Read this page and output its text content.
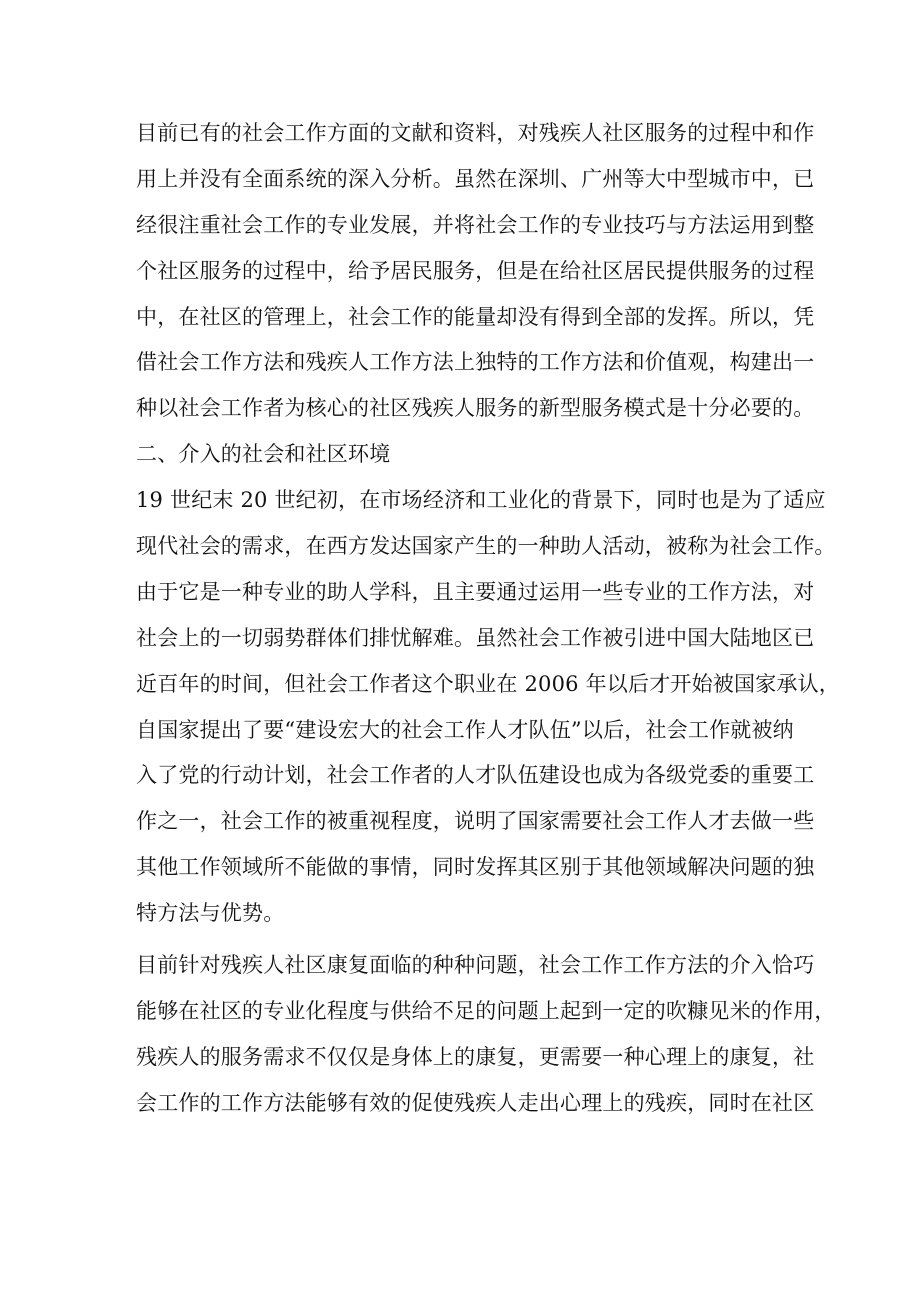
目前已有的社会工作方面的文献和资料，对残疾人社区服务的过程中和作
用上并没有全面系统的深入分析。虽然在深圳、广州等大中型城市中，已
经很注重社会工作的专业发展，并将社会工作的专业技巧与方法运用到整
个社区服务的过程中，给予居民服务，但是在给社区居民提供服务的过程
中，在社区的管理上，社会工作的能量却没有得到全部的发挥。所以，凭
借社会工作方法和残疾人工作方法上独特的工作方法和价值观，构建出一
种以社会工作者为核心的社区残疾人服务的新型服务模式是十分必要的。
二、介入的社会和社区环境
19 世纪末 20 世纪初，在市场经济和工业化的背景下，同时也是为了适应
现代社会的需求，在西方发达国家产生的一种助人活动，被称为社会工作。
由于它是一种专业的助人学科，且主要通过运用一些专业的工作方法，对
社会上的一切弱势群体们排忧解难。虽然社会工作被引进中国大陆地区已
近百年的时间，但社会工作者这个职业在 2006 年以后才开始被国家承认，
自国家提出了要“建设宏大的社会工作人才队伍”以后，社会工作就被纳
入了党的行动计划，社会工作者的人才队伍建设也成为各级党委的重要工
作之一，社会工作的被重视程度，说明了国家需要社会工作人才去做一些
其他工作领域所不能做的事情，同时发挥其区别于其他领域解决问题的独
特方法与优势。
目前针对残疾人社区康复面临的种种问题，社会工作工作方法的介入恰巧
能够在社区的专业化程度与供给不足的问题上起到一定的吹糠见米的作用，
残疾人的服务需求不仅仅是身体上的康复，更需要一种心理上的康复，社
会工作的工作方法能够有效的促使残疾人走出心理上的残疾，同时在社区
